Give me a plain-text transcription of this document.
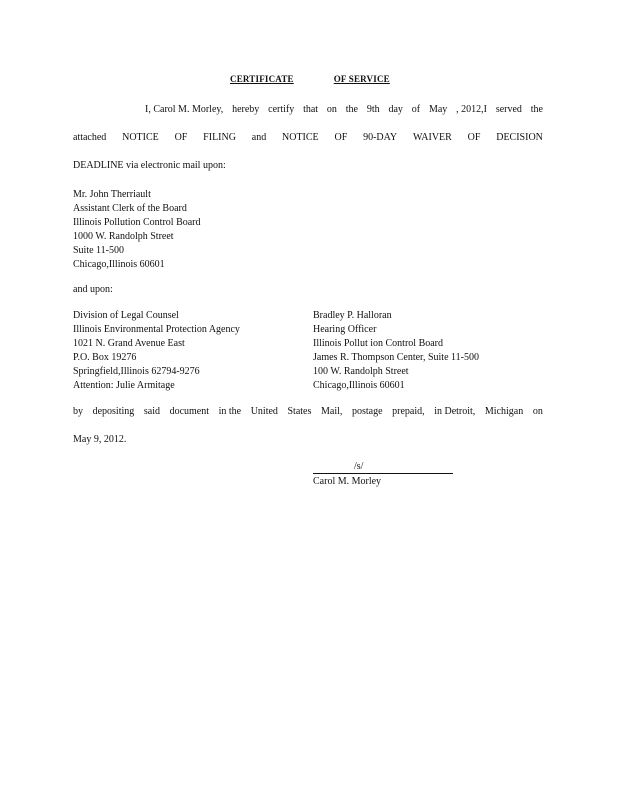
CERTIFICATE	OF SERVICE
I, Carol M. Morley, hereby certify that on the 9th day of May , 2012,I served the
attached NOTICE OF FILING and NOTICE OF 90-DAY WAIVER OF DECISION
DEADLINE via electronic mail upon:
Mr. John Therriault
Assistant Clerk of the Board
Illinois Pollution Control Board
1000 W. Randolph Street
Suite 11-500
Chicago,Illinois 60601
and upon:
Division of Legal Counsel
Illinois Environmental Protection Agency
1021 N. Grand Avenue East
P.O. Box 19276
Springfield,Illinois 62794-9276
Attention: Julie Armitage
Bradley P. Halloran
Hearing Officer
Illinois Pollut ion Control Board
James R. Thompson Center, Suite 11-500
100 W. Randolph Street
Chicago,Illinois 60601
by depositing said document in the United States Mail, postage prepaid, in Detroit, Michigan on
May 9, 2012.
/s/
Carol M. Morley
